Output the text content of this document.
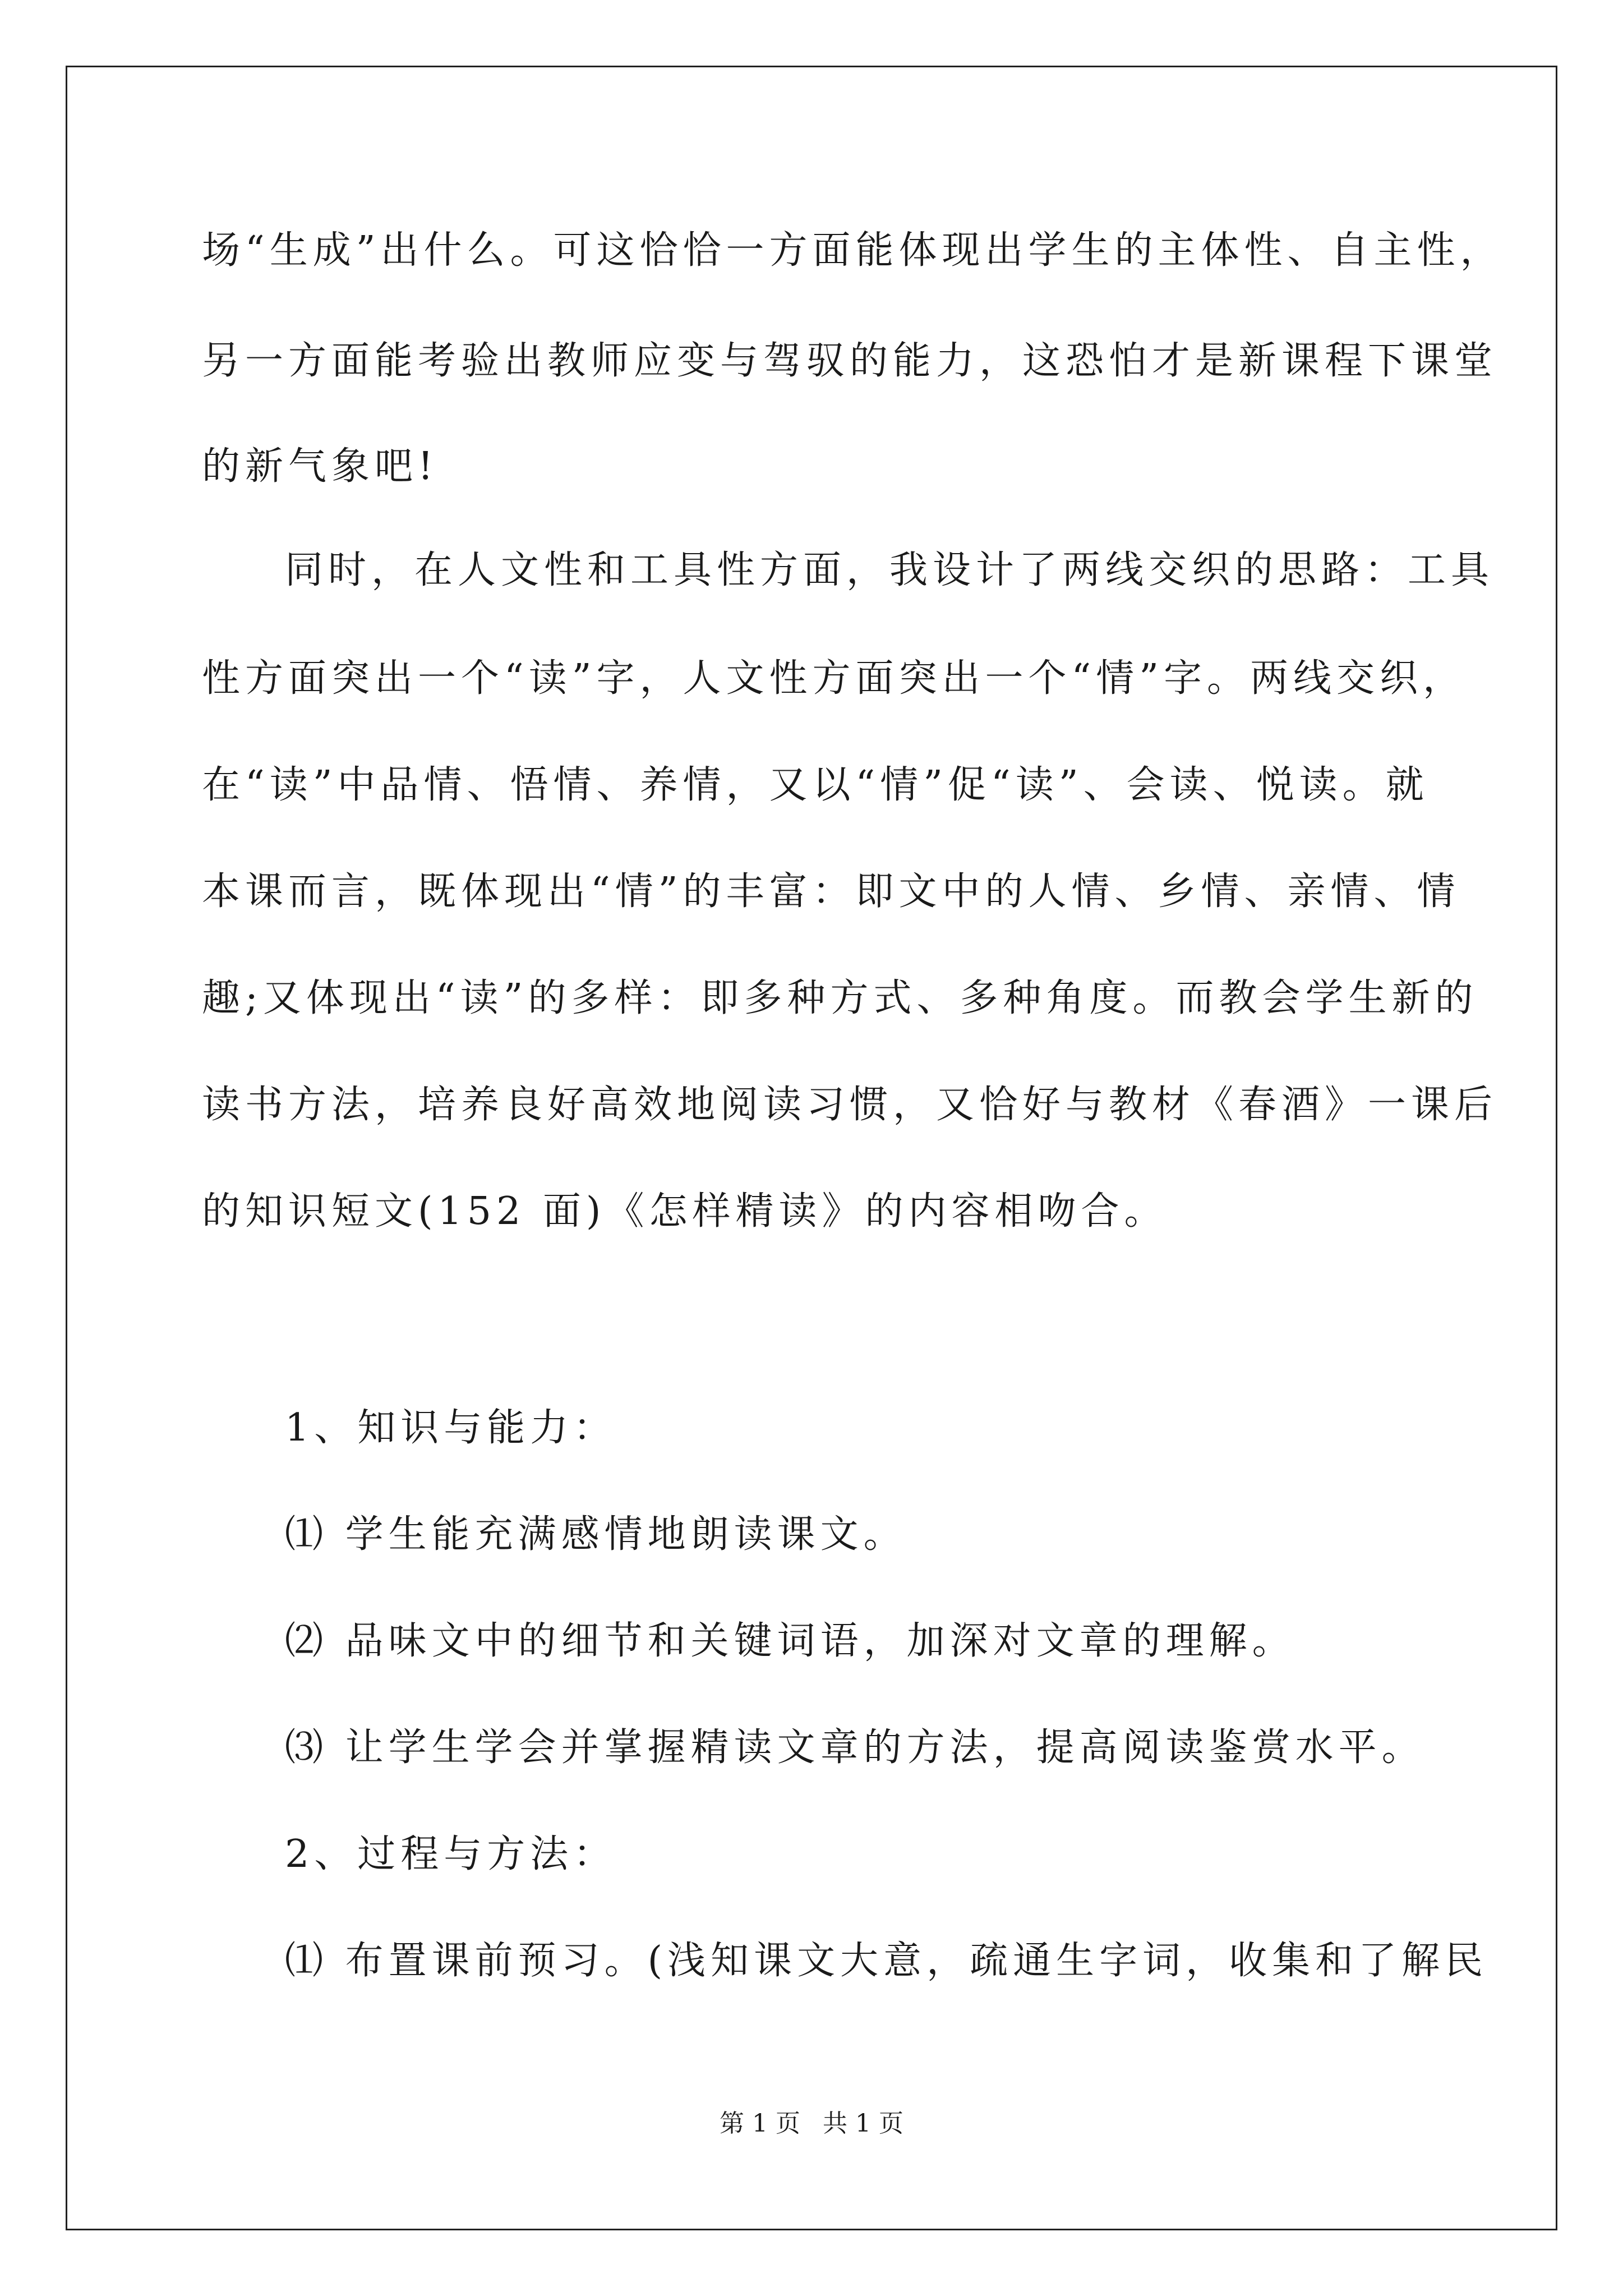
场“生成”出什么。可这恰恰一方面能体现出学生的主体性、自主性，
另一方面能考验出教师应变与驾驭的能力，这恐怕才是新课程下课堂
的新气象吧!
同时，在人文性和工具性方面，我设计了两线交织的思路：工具
性方面突出一个“读”字，人文性方面突出一个“情”字。两线交织，
在“读”中品情、悟情、养情，又以“情”促“读”、会读、悦读。就
本课而言，既体现出“情”的丰富：即文中的人情、乡情、亲情、情
趣;又体现出“读”的多样：即多种方式、多种角度。而教会学生新的
读书方法，培养良好高效地阅读习惯，又恰好与教材《春酒》一课后
的知识短文(152 面)《怎样精读》的内容相吻合。
1、知识与能力：
⑴ 学生能充满感情地朗读课文。
⑵ 品味文中的细节和关键词语，加深对文章的理解。
⑶ 让学生学会并掌握精读文章的方法，提高阅读鉴赏水平。
2、过程与方法：
⑴ 布置课前预习。(浅知课文大意，疏通生字词，收集和了解民
第 1 页 共 1 页
